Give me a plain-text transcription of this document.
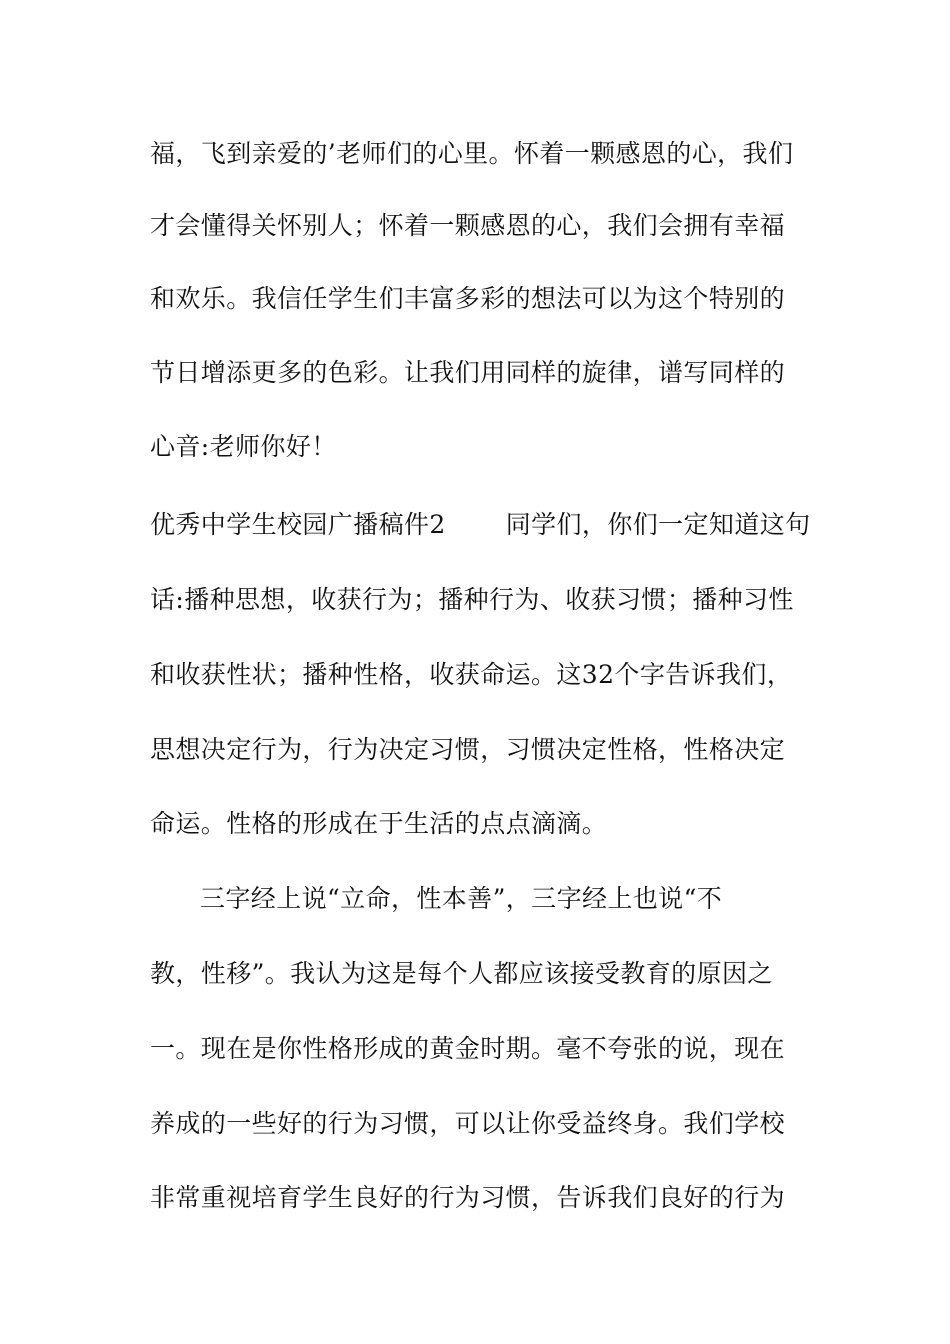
福，飞到亲爱的’老师们的心里。怀着一颗感恩的心，我们
才会懂得关怀别人；怀着一颗感恩的心，我们会拥有幸福
和欢乐。我信任学生们丰富多彩的想法可以为这个特别的
节日增添更多的色彩。让我们用同样的旋律，谱写同样的
心音:老师你好！
优秀中学生校园广播稿件2 同学们，你们一定知道这句
话:播种思想，收获行为；播种行为、收获习惯；播种习性
和收获性状；播种性格，收获命运。这32个字告诉我们，
思想决定行为，行为决定习惯，习惯决定性格，性格决定
命运。性格的形成在于生活的点点滴滴。
三字经上说“立命，性本善”，三字经上也说“不
教，性移”。我认为这是每个人都应该接受教育的原因之
一。现在是你性格形成的黄金时期。毫不夸张的说，现在
养成的一些好的行为习惯，可以让你受益终身。我们学校
非常重视培育学生良好的行为习惯，告诉我们良好的行为
